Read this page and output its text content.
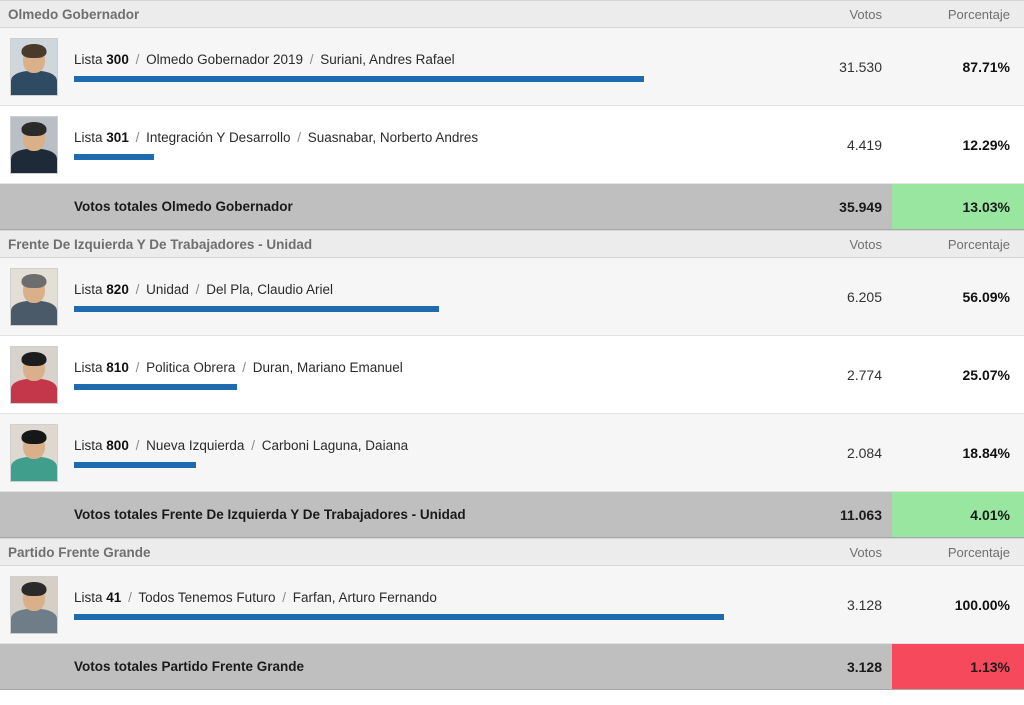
Olmedo Gobernador	Votos	Porcentaje
Lista 300 / Olmedo Gobernador 2019 / Suriani, Andres Rafael	31.530	87.71%
Lista 301 / Integración Y Desarrollo / Suasnabar, Norberto Andres	4.419	12.29%
Votos totales Olmedo Gobernador	35.949	13.03%
Frente De Izquierda Y De Trabajadores - Unidad	Votos	Porcentaje
Lista 820 / Unidad / Del Pla, Claudio Ariel	6.205	56.09%
Lista 810 / Politica Obrera / Duran, Mariano Emanuel	2.774	25.07%
Lista 800 / Nueva Izquierda / Carboni Laguna, Daiana	2.084	18.84%
Votos totales Frente De Izquierda Y De Trabajadores - Unidad	11.063	4.01%
Partido Frente Grande	Votos	Porcentaje
Lista 41 / Todos Tenemos Futuro / Farfan, Arturo Fernando	3.128	100.00%
Votos totales Partido Frente Grande	3.128	1.13%
